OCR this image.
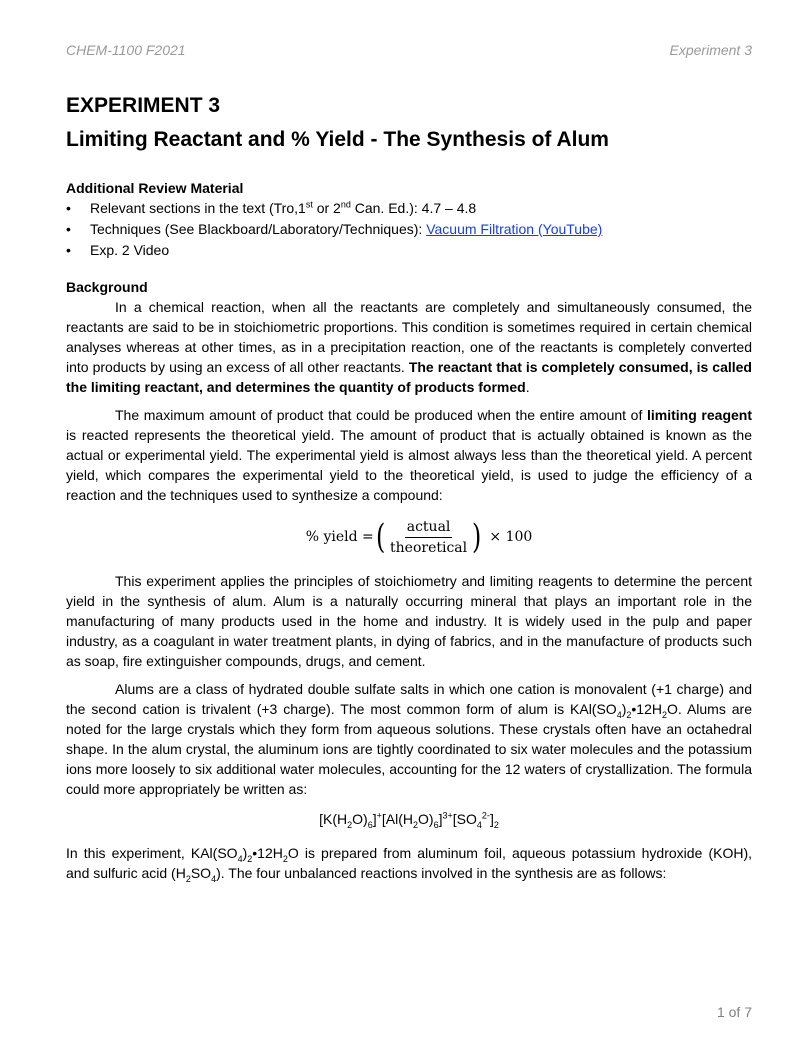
CHEM-1100 F2021	Experiment 3
EXPERIMENT 3
Limiting Reactant and % Yield - The Synthesis of Alum
Additional Review Material
• Relevant sections in the text (Tro,1st or 2nd Can. Ed.): 4.7 – 4.8
• Techniques (See Blackboard/Laboratory/Techniques): Vacuum Filtration (YouTube)
• Exp. 2 Video
Background

In a chemical reaction, when all the reactants are completely and simultaneously consumed, the reactants are said to be in stoichiometric proportions. This condition is sometimes required in certain chemical analyses whereas at other times, as in a precipitation reaction, one of the reactants is completely converted into products by using an excess of all other reactants. The reactant that is completely consumed, is called the limiting reactant, and determines the quantity of products formed.

The maximum amount of product that could be produced when the entire amount of limiting reagent is reacted represents the theoretical yield. The amount of product that is actually obtained is known as the actual or experimental yield. The experimental yield is almost always less than the theoretical yield. A percent yield, which compares the experimental yield to the theoretical yield, is used to judge the efficiency of a reaction and the techniques used to synthesize a compound:

% yield = ( $\frac{\text{actual}}{\text{theoretical}}$ ) × 100

This experiment applies the principles of stoichiometry and limiting reagents to determine the percent yield in the synthesis of alum. Alum is a naturally occurring mineral that plays an important role in the manufacturing of many products used in the home and industry. It is widely used in the pulp and paper industry, as a coagulant in water treatment plants, in dying of fabrics, and in the manufacture of products such as soap, fire extinguisher compounds, drugs, and cement.

Alums are a class of hydrated double sulfate salts in which one cation is monovalent (+1 charge) and the second cation is trivalent (+3 charge). The most common form of alum is $KAl(SO_4)_2•12H_2O$. Alums are noted for the large crystals which they form from aqueous solutions. These crystals often have an octahedral shape. In the alum crystal, the aluminum ions are tightly coordinated to six water molecules and the potassium ions more loosely to six additional water molecules, accounting for the 12 waters of crystallization. The formula could more appropriately be written as:

$[K(H_2O)_6]^+[Al(H_2O)_6]^{3+}[SO_4^{2-}]_2$

In this experiment, $KAl(SO_4)_2•12H_2O$ is prepared from aluminum foil, aqueous potassium hydroxide (KOH), and sulfuric acid $(H_2SO_4)$. The four unbalanced reactions involved in the synthesis are as follows:

1 of 7
